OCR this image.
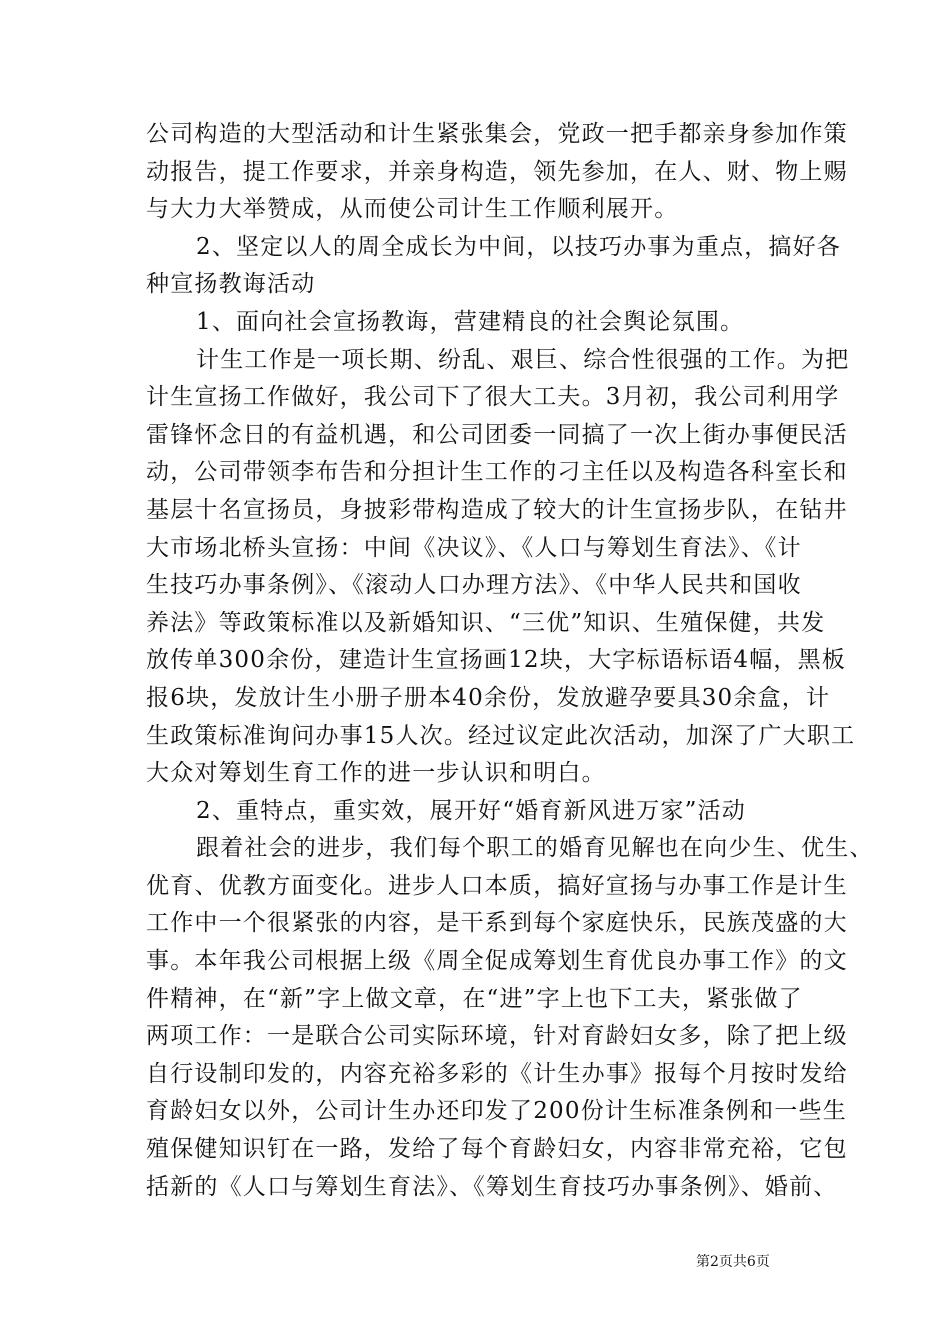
公司构造的大型活动和计生紧张集会，党政一把手都亲身参加作策
动报告，提工作要求，并亲身构造，领先参加，在人、财、物上赐
与大力大举赞成，从而使公司计生工作顺利展开。
2、坚定以人的周全成长为中间，以技巧办事为重点，搞好各
种宣扬教诲活动
1、面向社会宣扬教诲，营建精良的社会舆论氛围。
计生工作是一项长期、纷乱、艰巨、综合性很强的工作。为把
计生宣扬工作做好，我公司下了很大工夫。3月初，我公司利用学
雷锋怀念日的有益机遇，和公司团委一同搞了一次上街办事便民活
动，公司带领李布告和分担计生工作的刁主任以及构造各科室长和
基层十名宣扬员，身披彩带构造成了较大的计生宣扬步队，在钻井
大市场北桥头宣扬：中间《决议》、《人口与筹划生育法》、《计
生技巧办事条例》、《滚动人口办理方法》、《中华人民共和国收
养法》等政策标准以及新婚知识、“三优”知识、生殖保健，共发
放传单300余份，建造计生宣扬画12块，大字标语标语4幅，黑板
报6块，发放计生小册子册本40余份，发放避孕要具30余盒，计
生政策标准询问办事15人次。经过议定此次活动，加深了广大职工
大众对筹划生育工作的进一步认识和明白。
2、重特点，重实效，展开好“婚育新风进万家”活动
跟着社会的进步，我们每个职工的婚育见解也在向少生、优生、
优育、优教方面变化。进步人口本质，搞好宣扬与办事工作是计生
工作中一个很紧张的内容，是干系到每个家庭快乐，民族茂盛的大
事。本年我公司根据上级《周全促成筹划生育优良办事工作》的文
件精神，在“新”字上做文章，在“进”字上也下工夫，紧张做了
两项工作：一是联合公司实际环境，针对育龄妇女多，除了把上级
自行设制印发的，内容充裕多彩的《计生办事》报每个月按时发给
育龄妇女以外，公司计生办还印发了200份计生标准条例和一些生
殖保健知识钉在一路，发给了每个育龄妇女，内容非常充裕，它包
括新的《人口与筹划生育法》、《筹划生育技巧办事条例》、婚前、
第2页共6页
